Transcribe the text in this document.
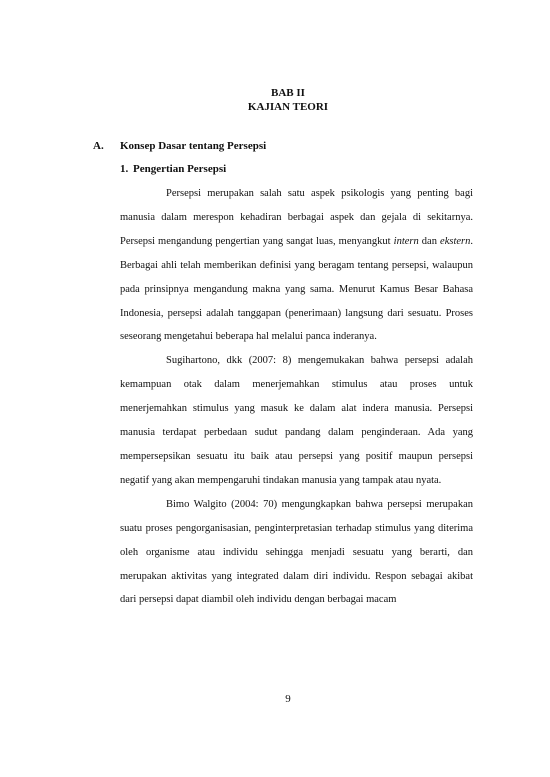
BAB II
KAJIAN TEORI
A. Konsep Dasar tentang Persepsi
1. Pengertian Persepsi

Persepsi merupakan salah satu aspek psikologis yang penting bagi manusia dalam merespon kehadiran berbagai aspek dan gejala di sekitarnya. Persepsi mengandung pengertian yang sangat luas, menyangkut intern dan ekstern. Berbagai ahli telah memberikan definisi yang beragam tentang persepsi, walaupun pada prinsipnya mengandung makna yang sama. Menurut Kamus Besar Bahasa Indonesia, persepsi adalah tanggapan (penerimaan) langsung dari sesuatu. Proses seseorang mengetahui beberapa hal melalui panca inderanya.

Sugihartono, dkk (2007: 8) mengemukakan bahwa persepsi adalah kemampuan otak dalam menerjemahkan stimulus atau proses untuk menerjemahkan stimulus yang masuk ke dalam alat indera manusia. Persepsi manusia terdapat perbedaan sudut pandang dalam penginderaan. Ada yang mempersepsikan sesuatu itu baik atau persepsi yang positif maupun persepsi negatif yang akan mempengaruhi tindakan manusia yang tampak atau nyata.

Bimo Walgito (2004: 70) mengungkapkan bahwa persepsi merupakan suatu proses pengorganisasian, penginterpretasian terhadap stimulus yang diterima oleh organisme atau individu sehingga menjadi sesuatu yang berarti, dan merupakan aktivitas yang integrated dalam diri individu. Respon sebagai akibat dari persepsi dapat diambil oleh individu dengan berbagai macam

9
